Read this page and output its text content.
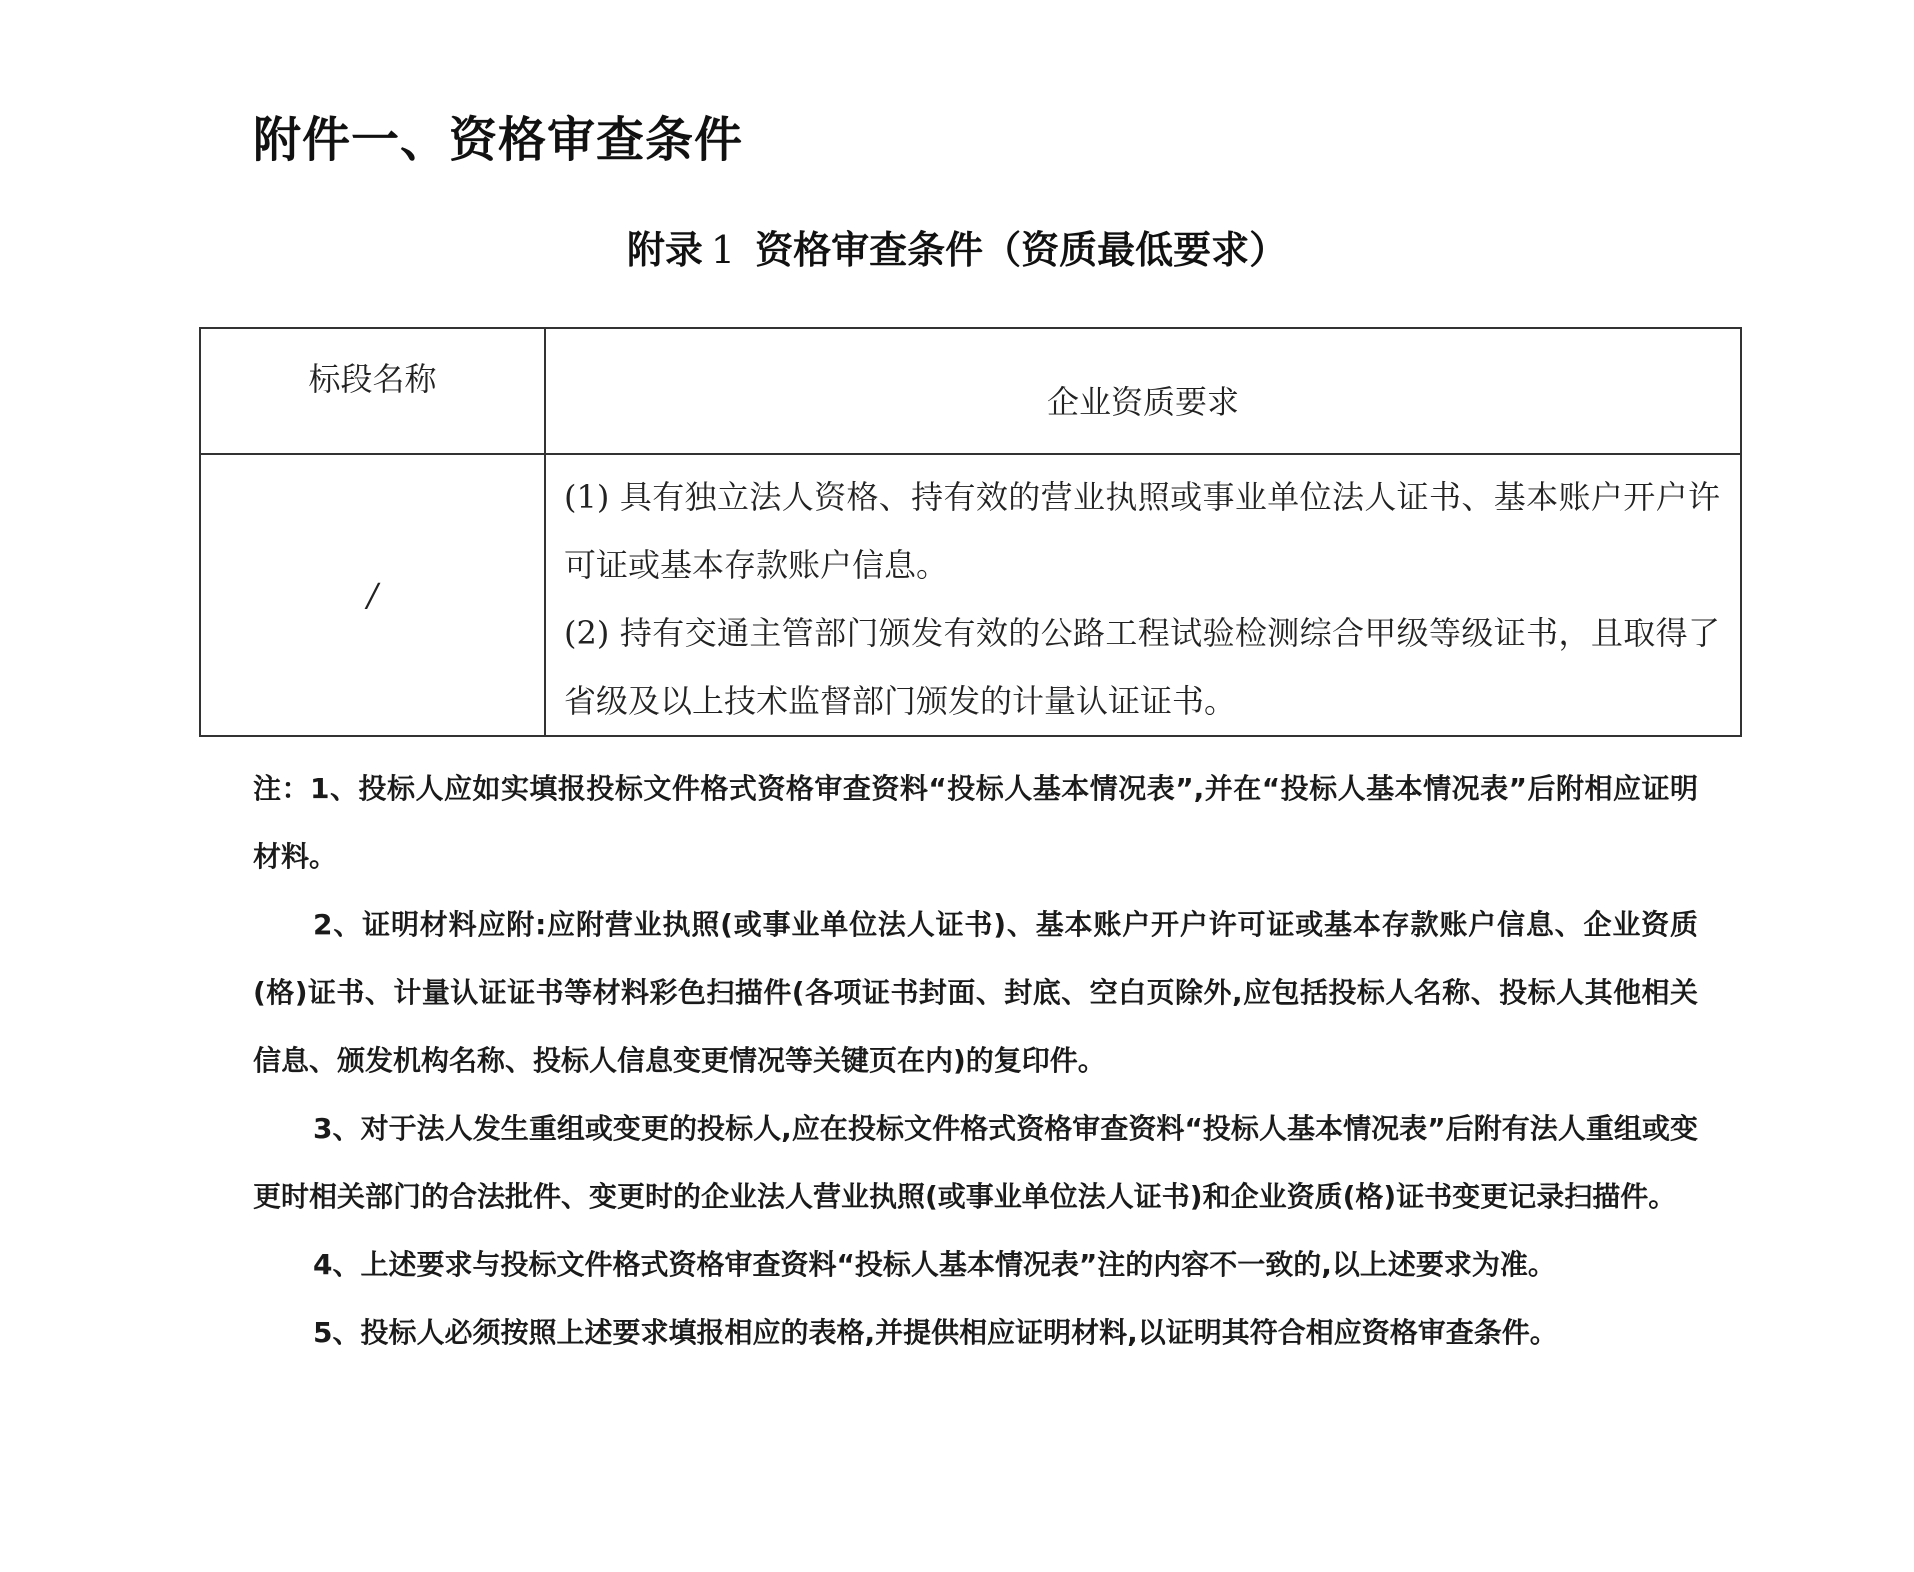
附件一、资格审查条件
附录 1 资格审查条件（资质最低要求）
标段名称	企业资质要求
/	(1) 具有独立法人资格、持有效的营业执照或事业单位法人证书、基本账户开户许可证或基本存款账户信息。

(2) 持有交通主管部门颁发有效的公路工程试验检测综合甲级等级证书，且取得了省级及以上技术监督部门颁发的计量认证证书。

注：1、投标人应如实填报投标文件格式资格审查资料“投标人基本情况表”,并在“投标人基本情况表”后附相应证明材料。

2、证明材料应附:应附营业执照(或事业单位法人证书)、基本账户开户许可证或基本存款账户信息、企业资质(格)证书、计量认证证书等材料彩色扫描件(各项证书封面、封底、空白页除外,应包括投标人名称、投标人其他相关信息、颁发机构名称、投标人信息变更情况等关键页在内)的复印件。

3、对于法人发生重组或变更的投标人,应在投标文件格式资格审查资料“投标人基本情况表”后附有法人重组或变更时相关部门的合法批件、变更时的企业法人营业执照(或事业单位法人证书)和企业资质(格)证书变更记录扫描件。

4、上述要求与投标文件格式资格审查资料“投标人基本情况表”注的内容不一致的,以上述要求为准。

5、投标人必须按照上述要求填报相应的表格,并提供相应证明材料,以证明其符合相应资格审查条件。
